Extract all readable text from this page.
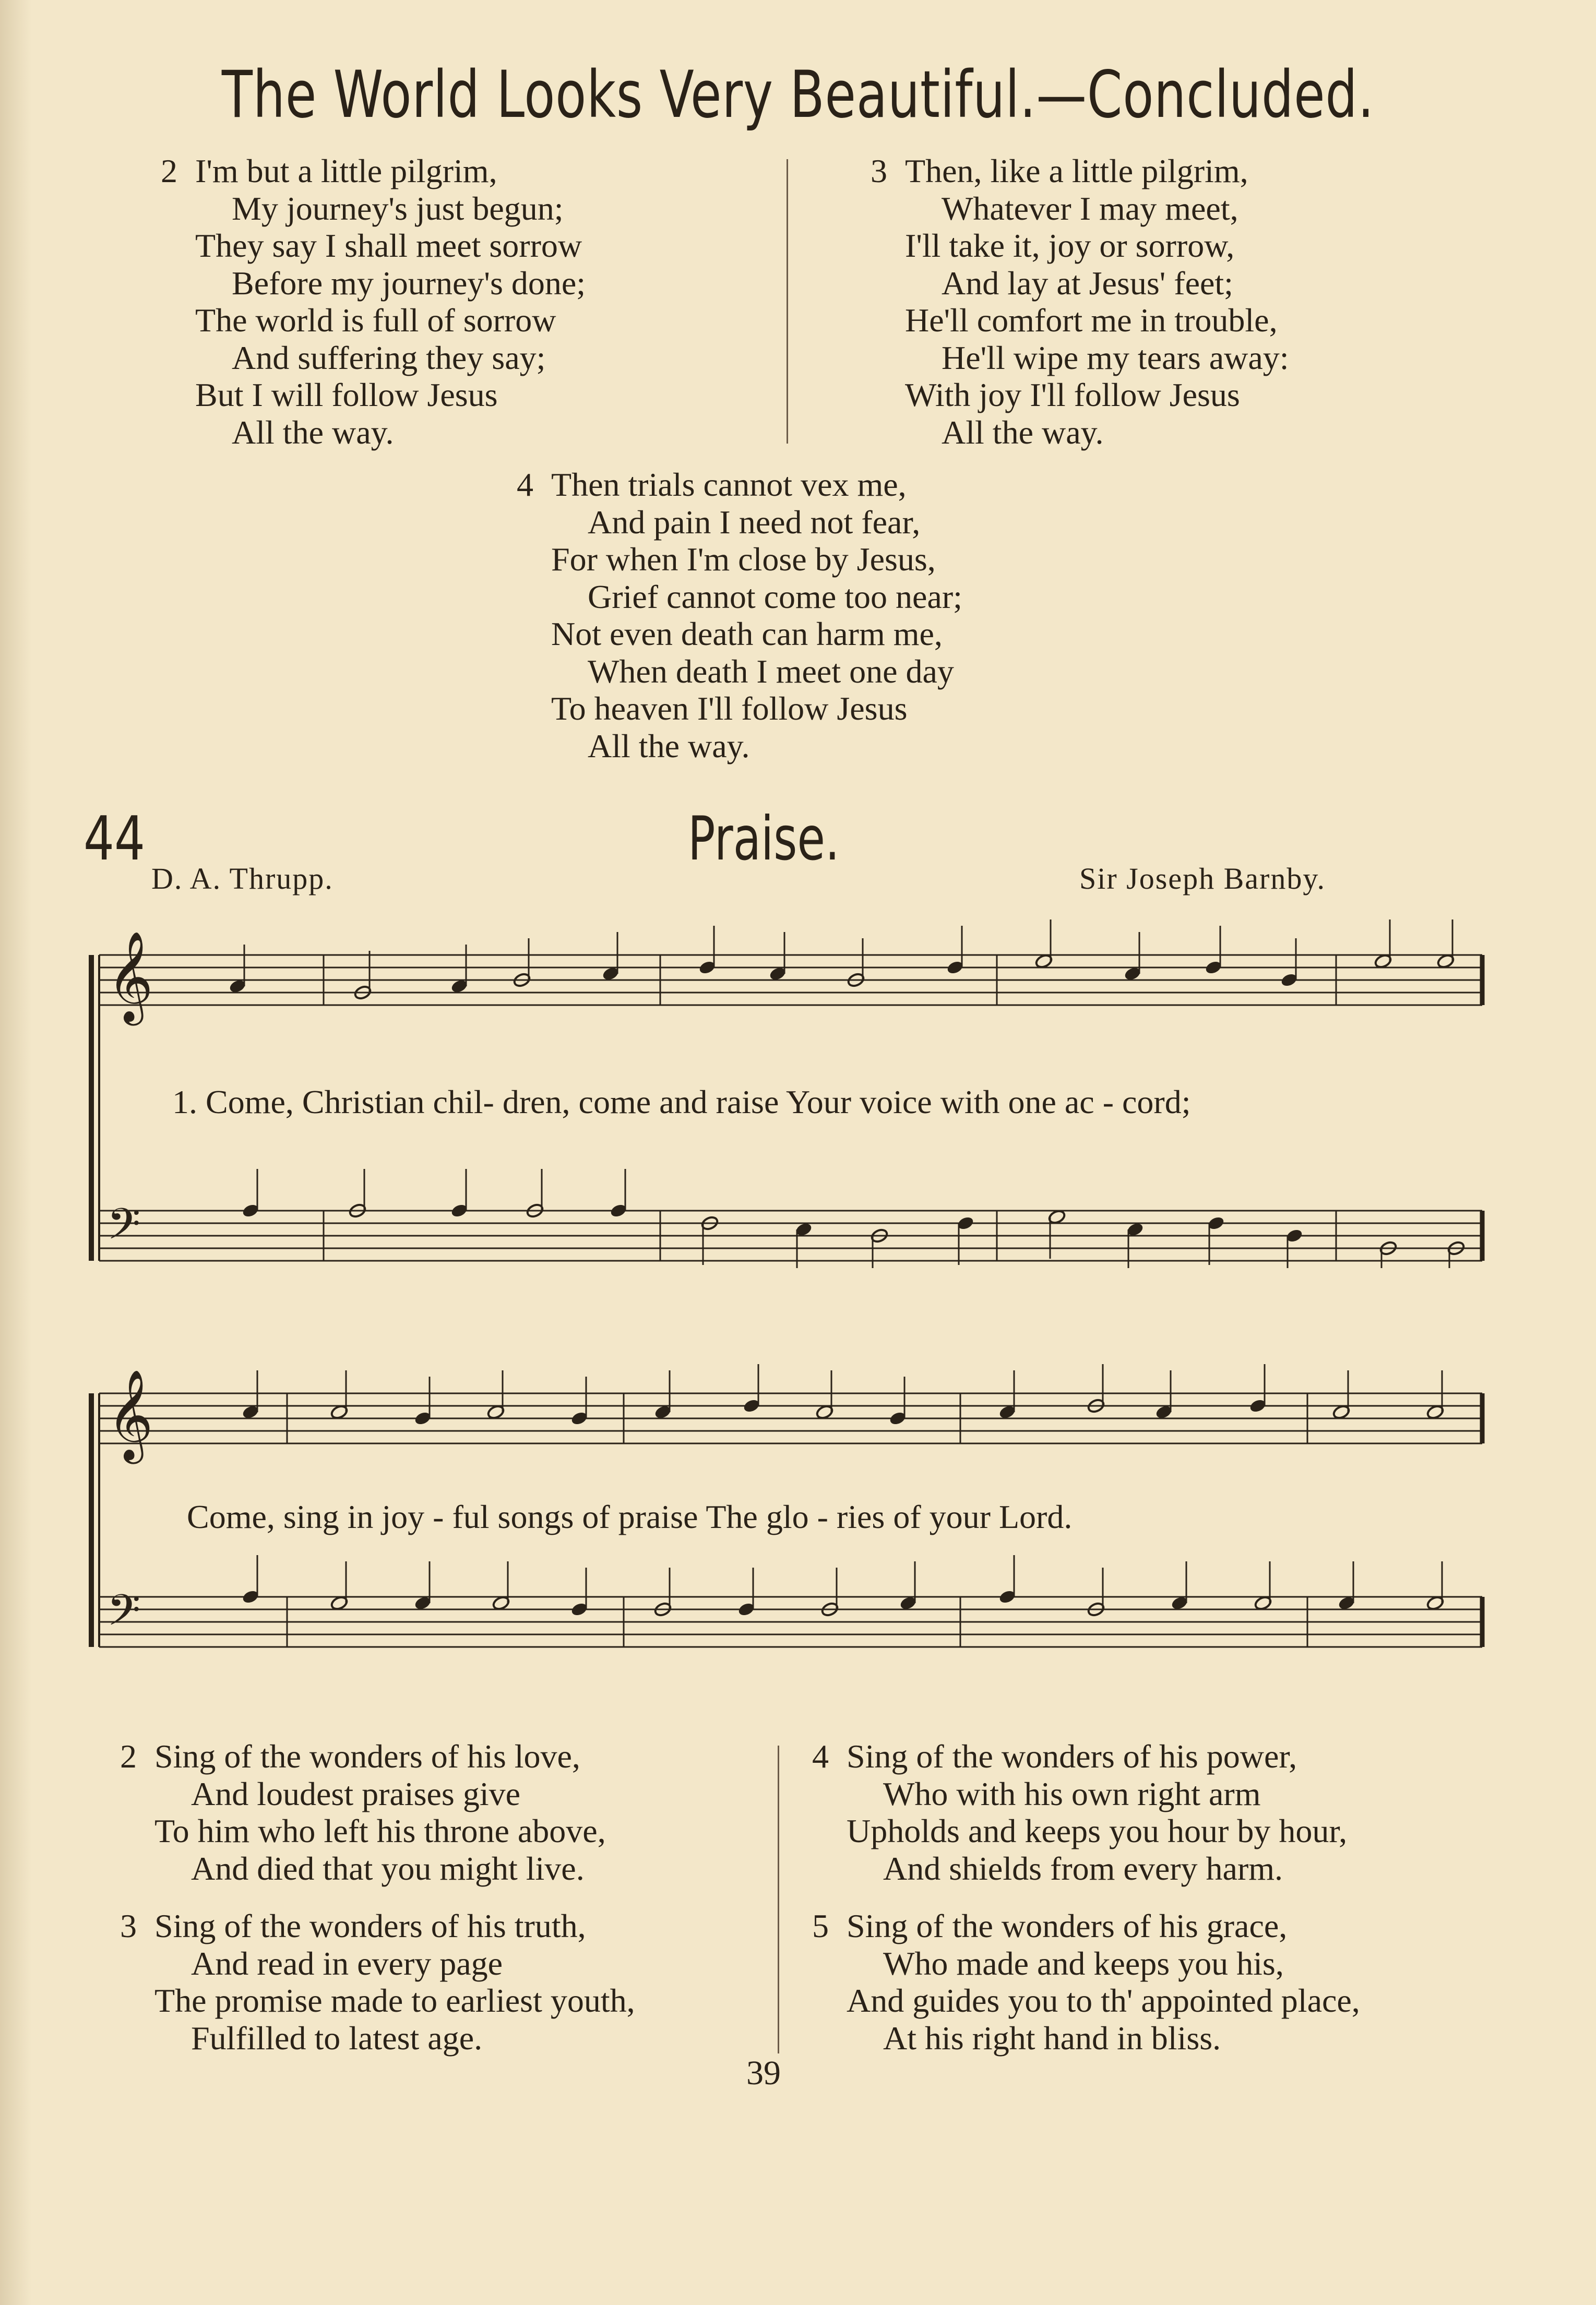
The World Looks Very Beautiful.—Concluded.
2 I'm but a little pilgrim,
My journey's just begun;
They say I shall meet sorrow
Before my journey's done;
The world is full of sorrow
And suffering they say;
But I will follow Jesus
All the way.
3 Then, like a little pilgrim,
Whatever I may meet,
I'll take it, joy or sorrow,
And lay at Jesus' feet;
He'll comfort me in trouble,
He'll wipe my tears away:
With joy I'll follow Jesus
All the way.
4 Then trials cannot vex me,
And pain I need not fear,
For when I'm close by Jesus,
Grief cannot come too near;
Not even death can harm me,
When death I meet one day
To heaven I'll follow Jesus
All the way.
44	Praise.
D. A. Thrupp.	Sir Joseph Barnby.
𝄞
𝄢
1. Come, Christian chil- dren, come and raise Your voice with one ac - cord;
𝄞
𝄢
Come, sing in joy - ful songs of praise The glo - ries of your Lord.
2 Sing of the wonders of his love,
And loudest praises give
To him who left his throne above,
And died that you might live.
3 Sing of the wonders of his truth,
And read in every page
The promise made to earliest youth,
Fulfilled to latest age.
4 Sing of the wonders of his power,
Who with his own right arm
Upholds and keeps you hour by hour,
And shields from every harm.
5 Sing of the wonders of his grace,
Who made and keeps you his,
And guides you to th' appointed place,
At his right hand in bliss.
39
